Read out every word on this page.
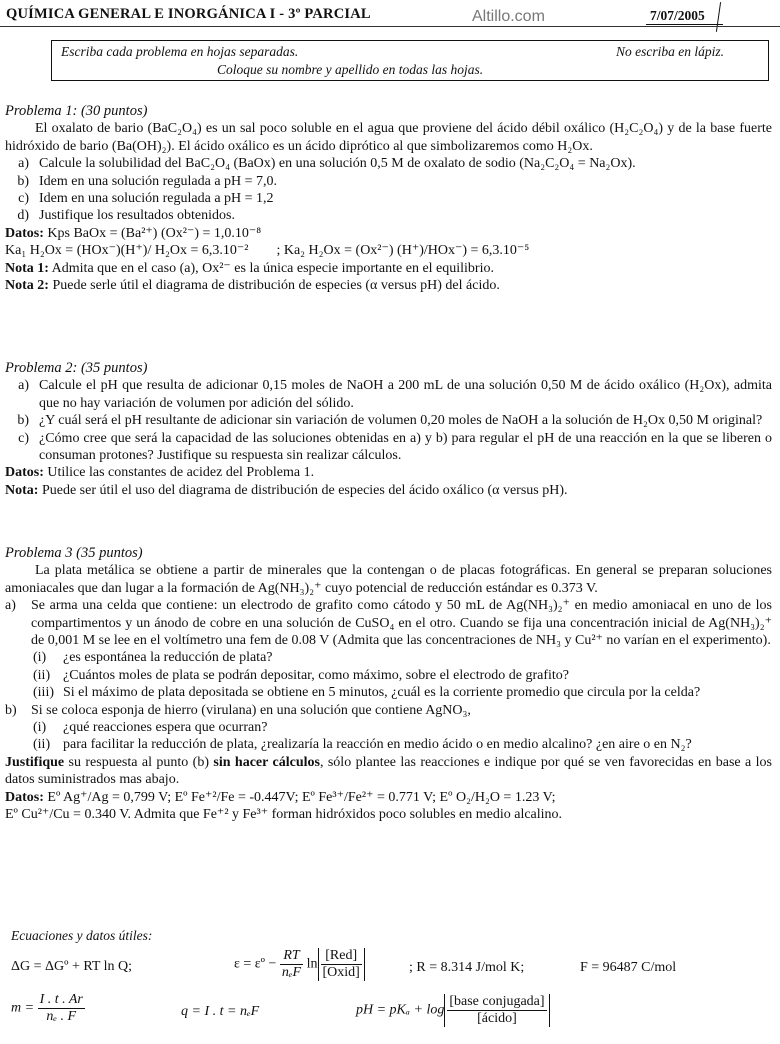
QUÍMICA GENERAL E INORGÁNICA I - 3º PARCIAL	Altillo.com	7/07/2005
Escriba cada problema en hojas separadas.	No escriba en lápiz.
Coloque su nombre y apellido en todas las hojas.
Problema 1: (30 puntos)

El oxalato de bario (BaC₂O₄) es un sal poco soluble en el agua que proviene del ácido débil oxálico (H₂C₂O₄) y de la base fuerte hidróxido de bario (Ba(OH)₂). El ácido oxálico es un ácido diprótico al que simbolizaremos como H₂Ox.

a) Calcule la solubilidad del BaC₂O₄ (BaOx) en una solución 0,5 M de oxalato de sodio (Na₂C₂O₄ = Na₂Ox).
b) Idem en una solución regulada a pH = 7,0.
c) Idem en una solución regulada a pH = 1,2
d) Justifique los resultados obtenidos.

Datos: Kps BaOx = (Ba²⁺) (Ox²⁻) = 1,0.10⁻⁸

Ka₁ H₂Ox = (HOx⁻)(H⁺)/ H₂Ox = 6,3.10⁻² ; Ka₂ H₂Ox = (Ox²⁻) (H⁺)/HOx⁻) = 6,3.10⁻⁵

Nota 1: Admita que en el caso (a), Ox²⁻ es la única especie importante en el equilibrio.

Nota 2: Puede serle útil el diagrama de distribución de especies (α versus pH) del ácido.

Problema 2: (35 puntos)
a) Calcule el pH que resulta de adicionar 0,15 moles de NaOH a 200 mL de una solución 0,50 M de ácido oxálico (H₂Ox), admita que no hay variación de volumen por adición del sólido.
b) ¿Y cuál será el pH resultante de adicionar sin variación de volumen 0,20 moles de NaOH a la solución de H₂Ox 0,50 M original?
c) ¿Cómo cree que será la capacidad de las soluciones obtenidas en a) y b) para regular el pH de una reacción en la que se liberen o consuman protones? Justifique su respuesta sin realizar cálculos.

Datos: Utilice las constantes de acidez del Problema 1.

Nota: Puede ser útil el uso del diagrama de distribución de especies del ácido oxálico (α versus pH).

Problema 3 (35 puntos)

La plata metálica se obtiene a partir de minerales que la contengan o de placas fotográficas. En general se preparan soluciones amoniacales que dan lugar a la formación de Ag(NH₃)₂⁺ cuyo potencial de reducción estándar es 0.373 V.

a)	Se arma una celda que contiene: un electrodo de grafito como cátodo y 50 mL de Ag(NH₃)₂⁺ en medio amoniacal en uno de los compartimentos y un ánodo de cobre en una solución de CuSO₄ en el otro. Cuando se fija una concentración inicial de Ag(NH₃)₂⁺ de 0,001 M se lee en el voltímetro una fem de 0.08 V (Admita que las concentraciones de NH₃ y Cu²⁺ no varían en el experimento).
(i)	¿es espontánea la reducción de plata?
(ii) ¿Cuántos moles de plata se podrán depositar, como máximo, sobre el electrodo de grafito?
(iii) Si el máximo de plata depositada se obtiene en 5 minutos, ¿cuál es la corriente promedio que circula por la celda?
b)	Si se coloca esponja de hierro (virulana) en una solución que contiene AgNO₃,
(i)	¿qué reacciones espera que ocurran?
(ii) para facilitar la reducción de plata, ¿realizaría la reacción en medio ácido o en medio alcalino? ¿en aire o en N₂?

Justifique su respuesta al punto (b) sin hacer cálculos, sólo plantee las reacciones e indique por qué se ven favorecidas en base a los datos suministrados mas abajo.

Datos: Eº Ag⁺/Ag = 0,799 V; Eº Fe⁺²/Fe = -0.447V; Eº Fe³⁺/Fe²⁺ = 0.771 V; Eº O₂/H₂O = 1.23 V;

Eº Cu²⁺/Cu = 0.340 V. Admita que Fe⁺² y Fe³⁺ forman hidróxidos poco solubles en medio alcalino.

Ecuaciones y datos útiles:
ΔG = ΔGº + RT ln Q;	ε = εº − $\frac{RT}{\text{nₑF}}$ $\ln \frac{\text{[Red]}}{\text{[Oxid]}}$	; R = 8.314 J/mol K;	F = 96487 C/mol
$m = \frac{I . t . Ar}{\text{nₑ . F}}$	q = I . t = nₑF	pH = $pK_a + \log \frac{\text{[base conjugada]}}{\text{[ácido]}}$
